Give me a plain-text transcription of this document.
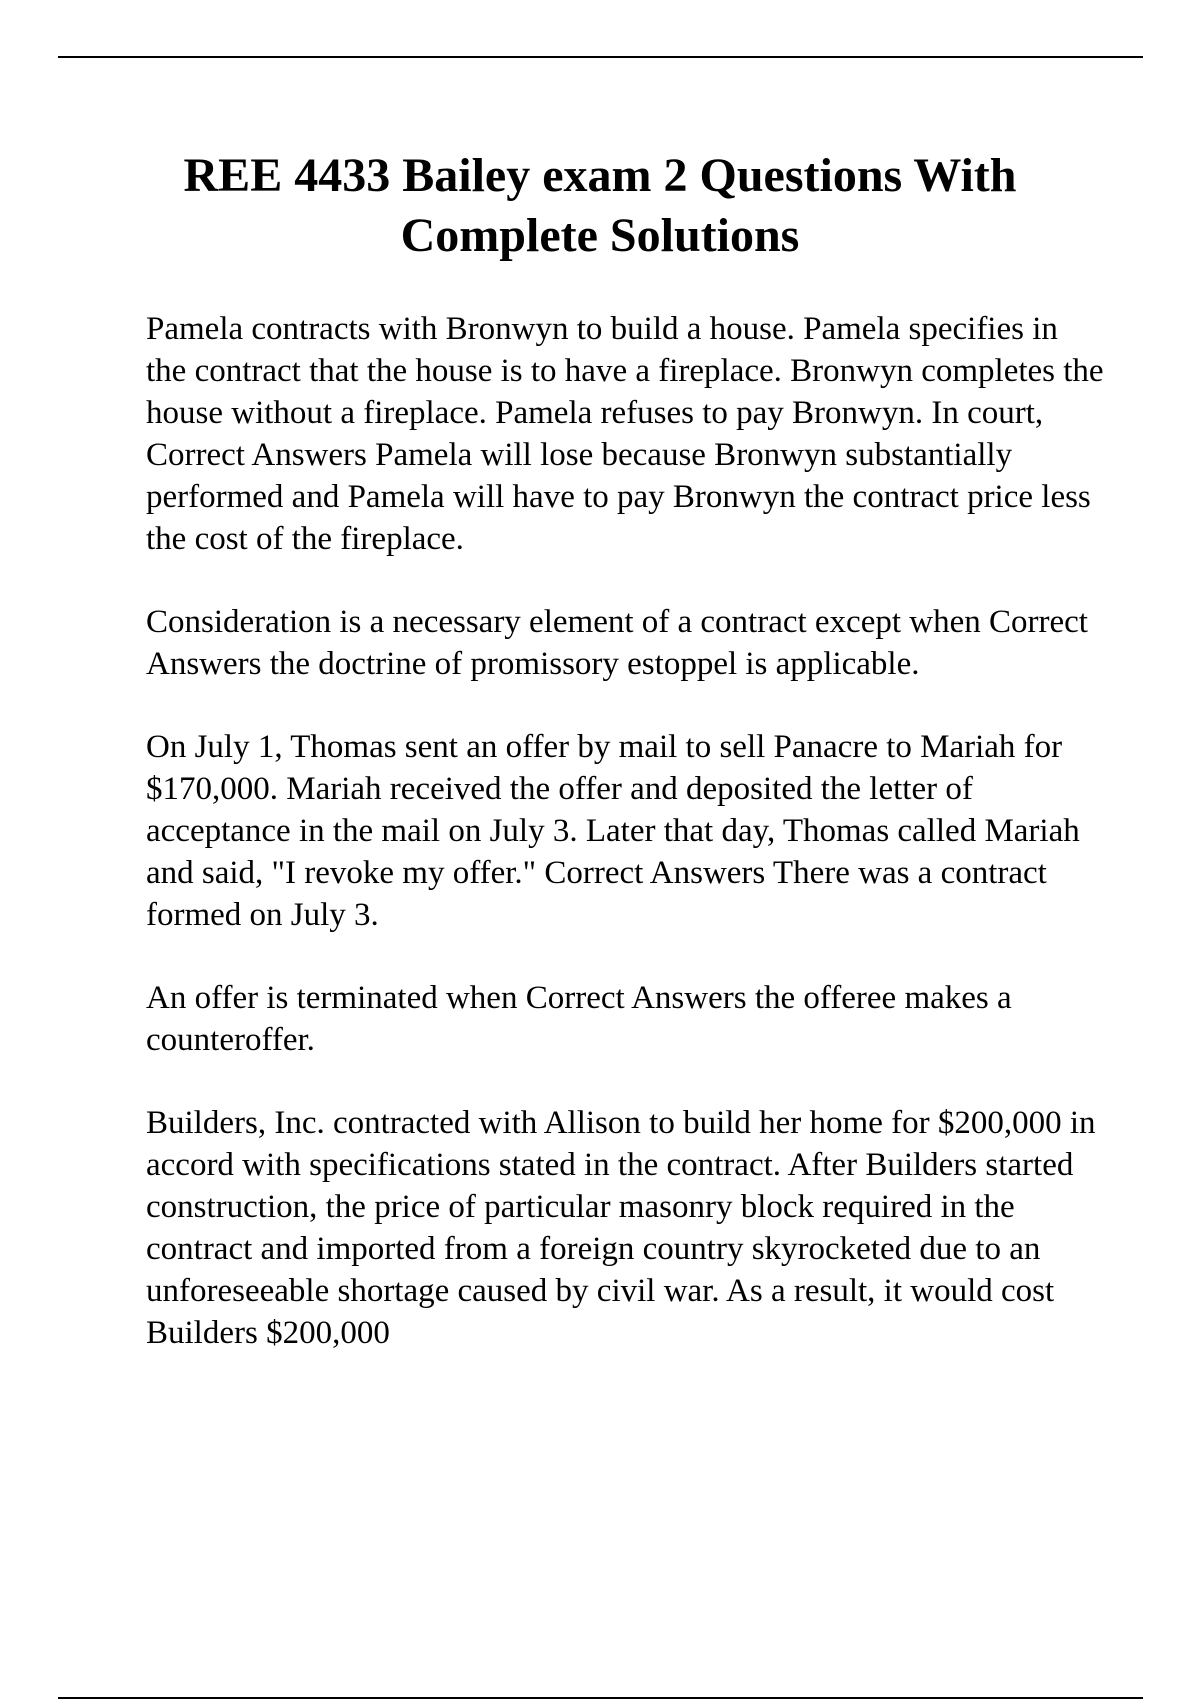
REE 4433 Bailey exam 2 Questions With Complete Solutions

Pamela contracts with Bronwyn to build a house. Pamela specifies in the contract that the house is to have a fireplace. Bronwyn completes the house without a fireplace. Pamela refuses to pay Bronwyn. In court, Correct Answers Pamela will lose because Bronwyn substantially performed and Pamela will have to pay Bronwyn the contract price less the cost of the fireplace.

Consideration is a necessary element of a contract except when Correct Answers the doctrine of promissory estoppel is applicable.

On July 1, Thomas sent an offer by mail to sell Panacre to Mariah for $170,000. Mariah received the offer and deposited the letter of acceptance in the mail on July 3. Later that day, Thomas called Mariah and said, "I revoke my offer." Correct Answers There was a contract formed on July 3.

An offer is terminated when Correct Answers the offeree makes a counteroffer.

Builders, Inc. contracted with Allison to build her home for $200,000 in accord with specifications stated in the contract. After Builders started construction, the price of particular masonry block required in the contract and imported from a foreign country skyrocketed due to an unforeseeable shortage caused by civil war. As a result, it would cost Builders $200,000
